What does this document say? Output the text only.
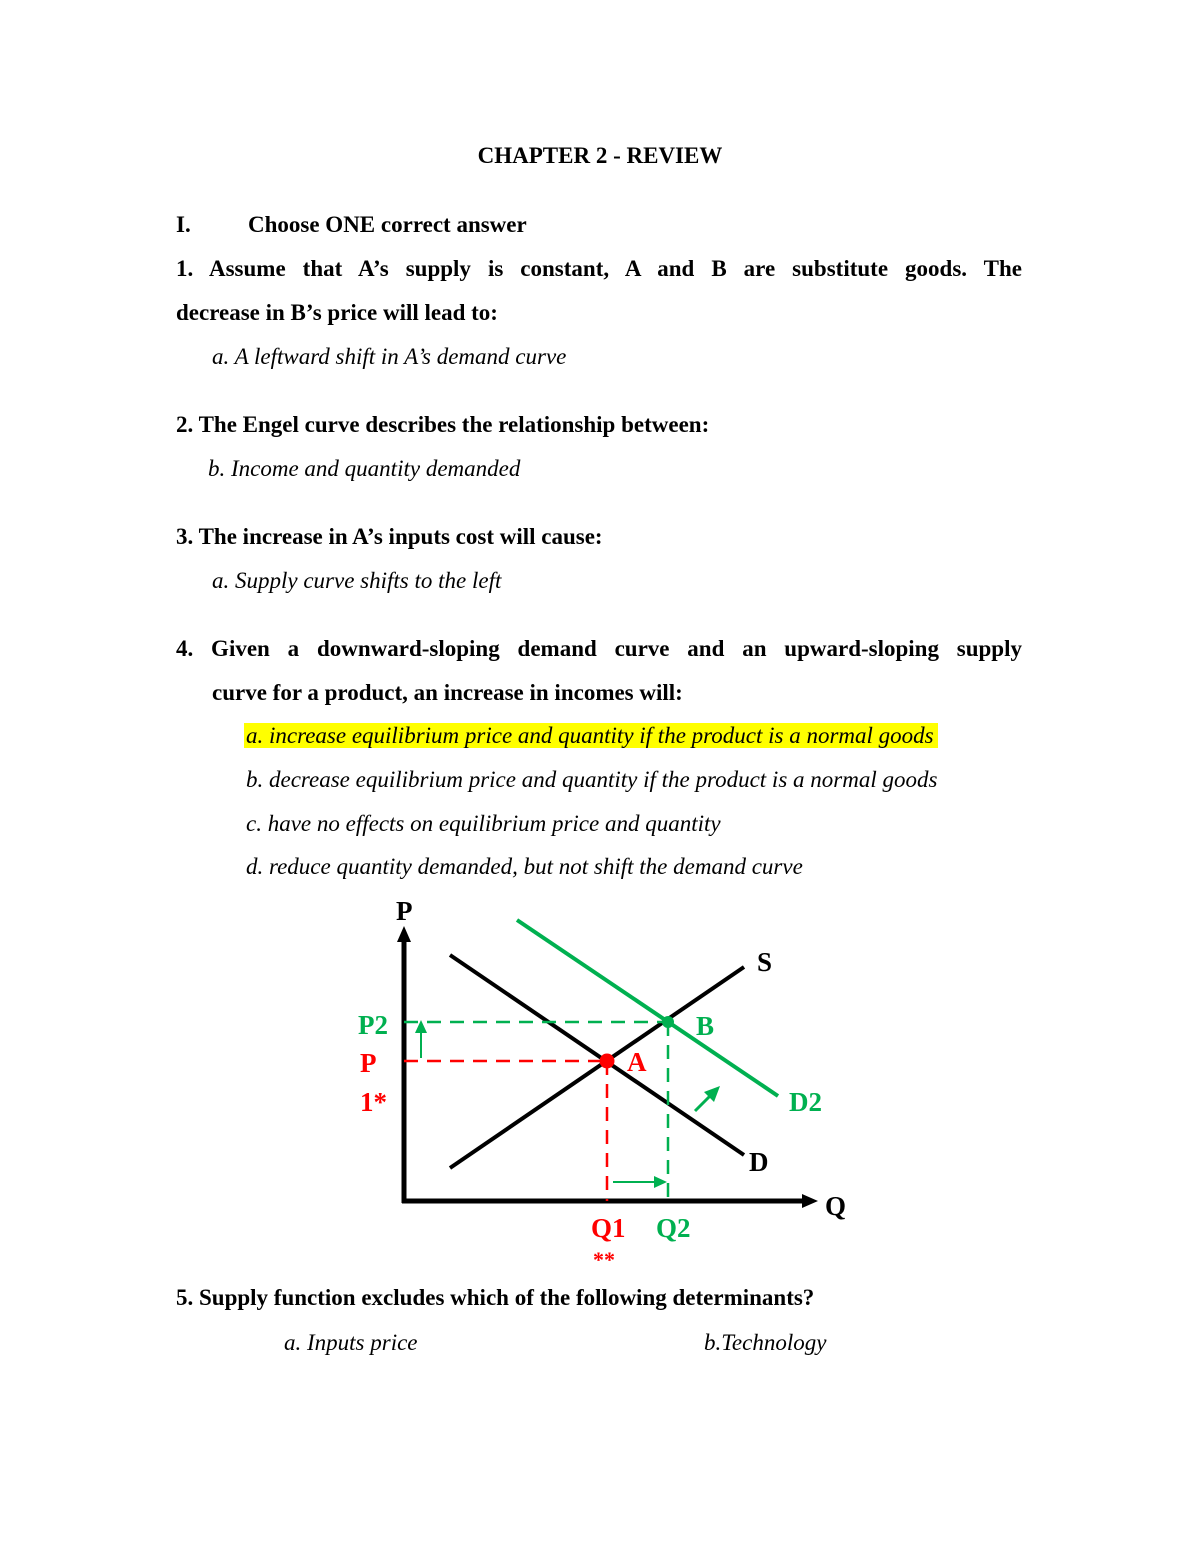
CHAPTER 2 - REVIEW
I. Choose ONE correct answer
1. Assume that A’s supply is constant, A and B are substitute goods. The
decrease in B’s price will lead to:
a. A leftward shift in A’s demand curve
2. The Engel curve describes the relationship between:
b. Income and quantity demanded
3. The increase in A’s inputs cost will cause:
a. Supply curve shifts to the left
4. Given a downward-sloping demand curve and an upward-sloping supply
curve for a product, an increase in incomes will:
a. increase equilibrium price and quantity if the product is a normal goods
b. decrease equilibrium price and quantity if the product is a normal goods
c. have no effects on equilibrium price and quantity
d. reduce quantity demanded, but not shift the demand curve
P
Q
S
D
D2
A
B
P2
P
1*
Q1
**
Q2
5. Supply function excludes which of the following determinants?
a. Inputs price	b.Technology
